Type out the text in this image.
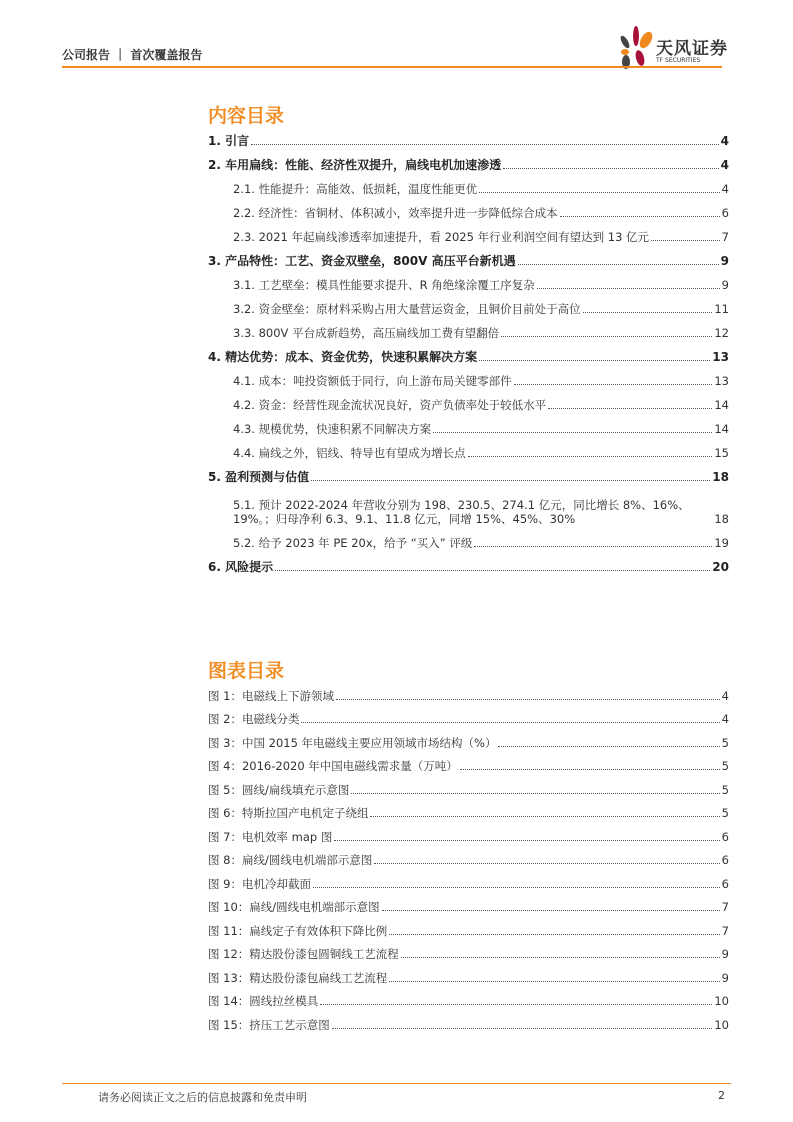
公司报告 ｜ 首次覆盖报告	天风证券
TF SECURITIES
内容目录
1. 引言	4
2. 车用扁线：性能、经济性双提升，扁线电机加速渗透	4
2.1. 性能提升：高能效、低损耗，温度性能更优	4
2.2. 经济性：省铜材、体积减小，效率提升进一步降低综合成本	6
2.3. 2021 年起扁线渗透率加速提升，看 2025 年行业利润空间有望达到 13 亿元	7
3. 产品特性：工艺、资金双壁垒，800V 高压平台新机遇	9
3.1. 工艺壁垒：模具性能要求提升、R 角绝缘涂覆工序复杂	9
3.2. 资金壁垒：原材料采购占用大量营运资金，且铜价目前处于高位	11
3.3. 800V 平台成新趋势，高压扁线加工费有望翻倍	12
4. 精达优势：成本、资金优势，快速积累解决方案	13
4.1. 成本：吨投资额低于同行，向上游布局关键零部件	13
4.2. 资金：经营性现金流状况良好，资产负债率处于较低水平	14
4.3. 规模优势，快速积累不同解决方案	14
4.4. 扁线之外，铝线、特导也有望成为增长点	15
5. 盈利预测与估值	18
5.1. 预计 2022-2024 年营收分别为 198、230.5、274.1 亿元，同比增长 8%、16%、19%。；归母净利 6.3、9.1、11.8 亿元，同增 15%、45%、30%	18
5.2. 给予 2023 年 PE 20x，给予 “买入” 评级	19
6. 风险提示	20
图表目录
图 1：电磁线上下游领域	4
图 2：电磁线分类	4
图 3：中国 2015 年电磁线主要应用领域市场结构（%）	5
图 4：2016-2020 年中国电磁线需求量（万吨）	5
图 5：圆线/扁线填充示意图	5
图 6：特斯拉国产电机定子绕组	5
图 7：电机效率 map 图	6
图 8：扁线/圆线电机端部示意图	6
图 9：电机冷却截面	6
图 10：扁线/圆线电机端部示意图	7
图 11：扁线定子有效体积下降比例	7
图 12：精达股份漆包圆铜线工艺流程	9
图 13：精达股份漆包扁线工艺流程	9
图 14：圆线拉丝模具	10
图 15：挤压工艺示意图	10
请务必阅读正文之后的信息披露和免责申明	2
